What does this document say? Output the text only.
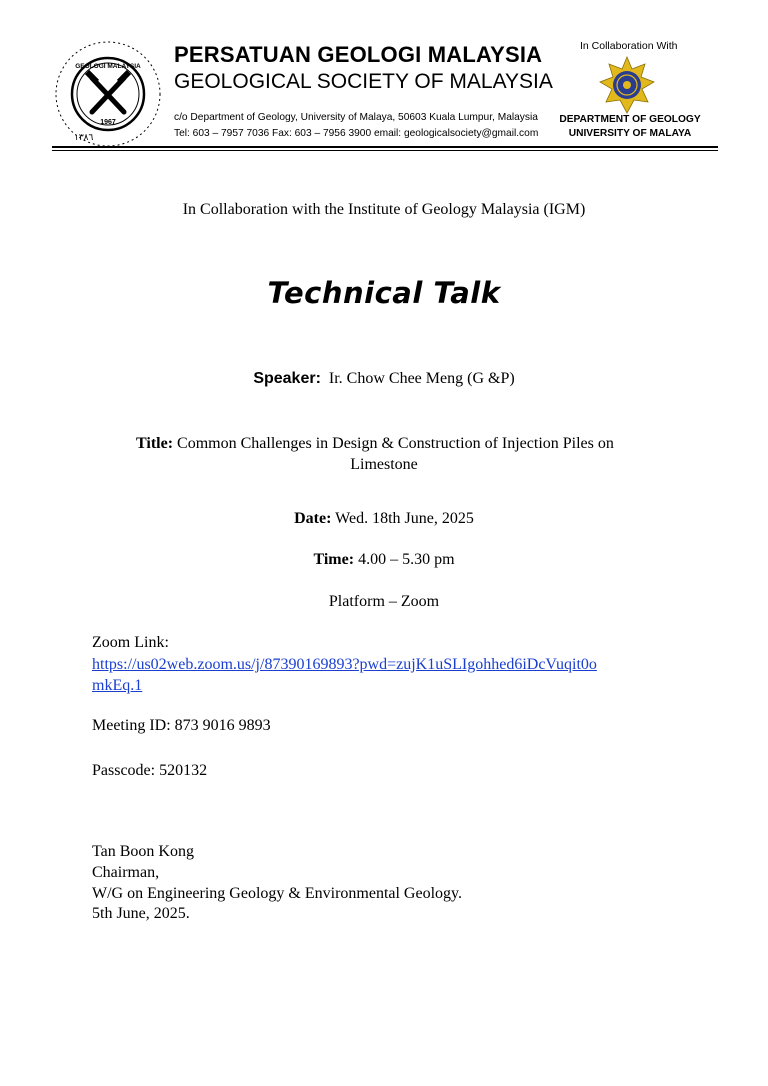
GEOLOGI MALAYSIA
1967
١٣٨٦
PERSATUAN GEOLOGI MALAYSIA
GEOLOGICAL SOCIETY OF MALAYSIA
c/o Department of Geology, University of Malaya, 50603 Kuala Lumpur, Malaysia
Tel: 603 – 7957 7036 Fax: 603 – 7956 3900 email: geologicalsociety@gmail.com
In Collaboration With
DEPARTMENT OF GEOLOGY
UNIVERSITY OF MALAYA
In Collaboration with the Institute of Geology Malaysia (IGM)
Technical Talk
Speaker: Ir. Chow Chee Meng (G &P)
Title: Common Challenges in Design & Construction of Injection Piles on
Limestone
Date: Wed. 18th June, 2025
Time: 4.00 – 5.30 pm
Platform – Zoom
Zoom Link:
https://us02web.zoom.us/j/87390169893?pwd=zujK1uSLIgohhed6iDcVuqit0o
mkEq.1
Meeting ID: 873 9016 9893
Passcode: 520132
Tan Boon Kong
Chairman,
W/G on Engineering Geology & Environmental Geology.
5th June, 2025.
